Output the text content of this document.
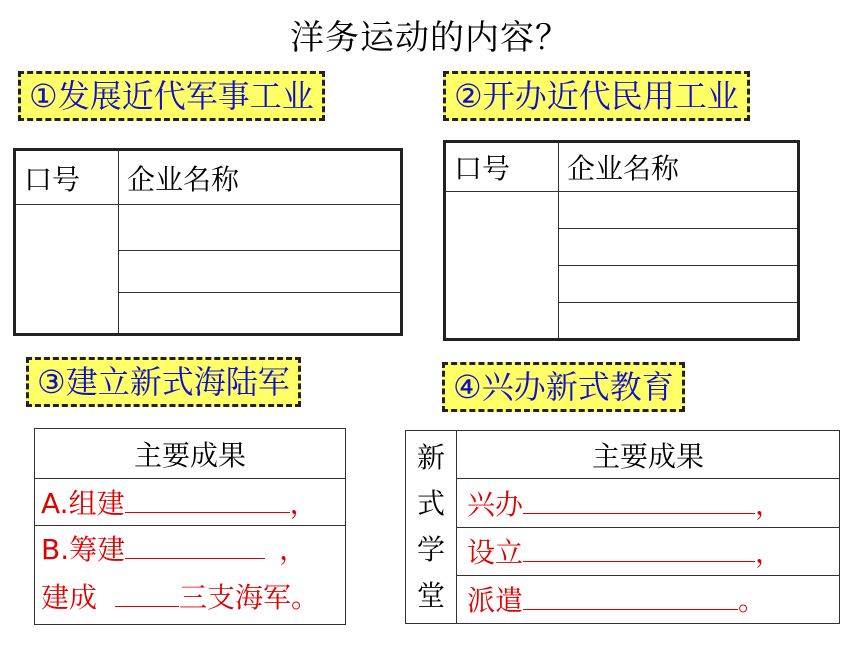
洋务运动的内容？
①发展近代军事工业
口号	企业名称

②开办近代民用工业
口号	企业名称

③建立新式海陆军
主要成果
A.组建	，

B.筹建	，
建成	三支海军。
④兴办新式教育
新
式
学
堂
	主要成果
兴办	，
设立	，
派遣	。
